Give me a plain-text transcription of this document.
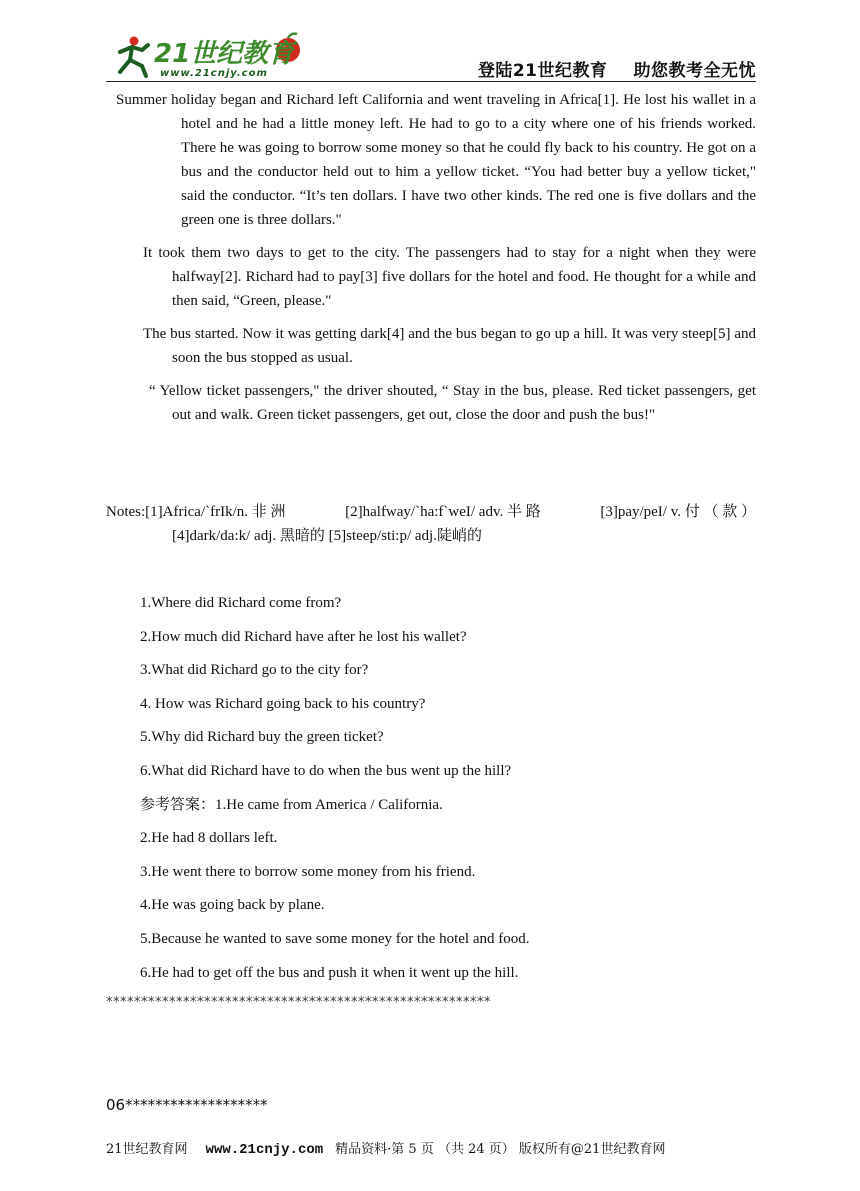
21世纪教育
www.21cnjy.com	登陆21世纪教育 助您教考全无忧

Summer holiday began and Richard left California and went traveling in Africa[1]. He lost his wallet in a hotel and he had a little money left. He had to go to a city where one of his friends worked. There he was going to borrow some money so that he could fly back to his country. He got on a bus and the conductor held out to him a yellow ticket. “You had better buy a yellow ticket," said the conductor. “It’s ten dollars. I have two other kinds. The red one is five dollars and the green one is three dollars."

It took them two days to get to the city. The passengers had to stay for a night when they were halfway[2]. Richard had to pay[3] five dollars for the hotel and food. He thought for a while and then said, “Green, please."

The bus started. Now it was getting dark[4] and the bus began to go up a hill. It was very steep[5] and soon the bus stopped as usual.

“ Yellow ticket passengers," the driver shouted, “ Stay in the bus, please. Red ticket passengers, get out and walk. Green ticket passengers, get out, close the door and push the bus!"

Notes:[1]Africa/`frIk/n. 非 洲	[2]halfway/`ha:f`weI/ adv. 半 路	[3]pay/peI/ v. 付 （ 款 ）
[4]dark/da:k/ adj. 黑暗的 [5]steep/sti:p/ adj.陡峭的
1.Where did Richard come from?
2.How much did Richard have after he lost his wallet?
3.What did Richard go to the city for?
4. How was Richard going back to his country?
5.Why did Richard buy the green ticket?
6.What did Richard have to do when the bus went up the hill?
参考答案：1.He came from America / California.
2.He had 8 dollars left.
3.He went there to borrow some money from his friend.
4.He was going back by plane.
5.Because he wanted to save some money for the hotel and food.
6.He had to get off the bus and push it when it went up the hill.
*******************************************************
06*******************
21世纪教育网 www.21cnjy.com 精品资料·第 5 页 （共 24 页） 版权所有@21世纪教育网
